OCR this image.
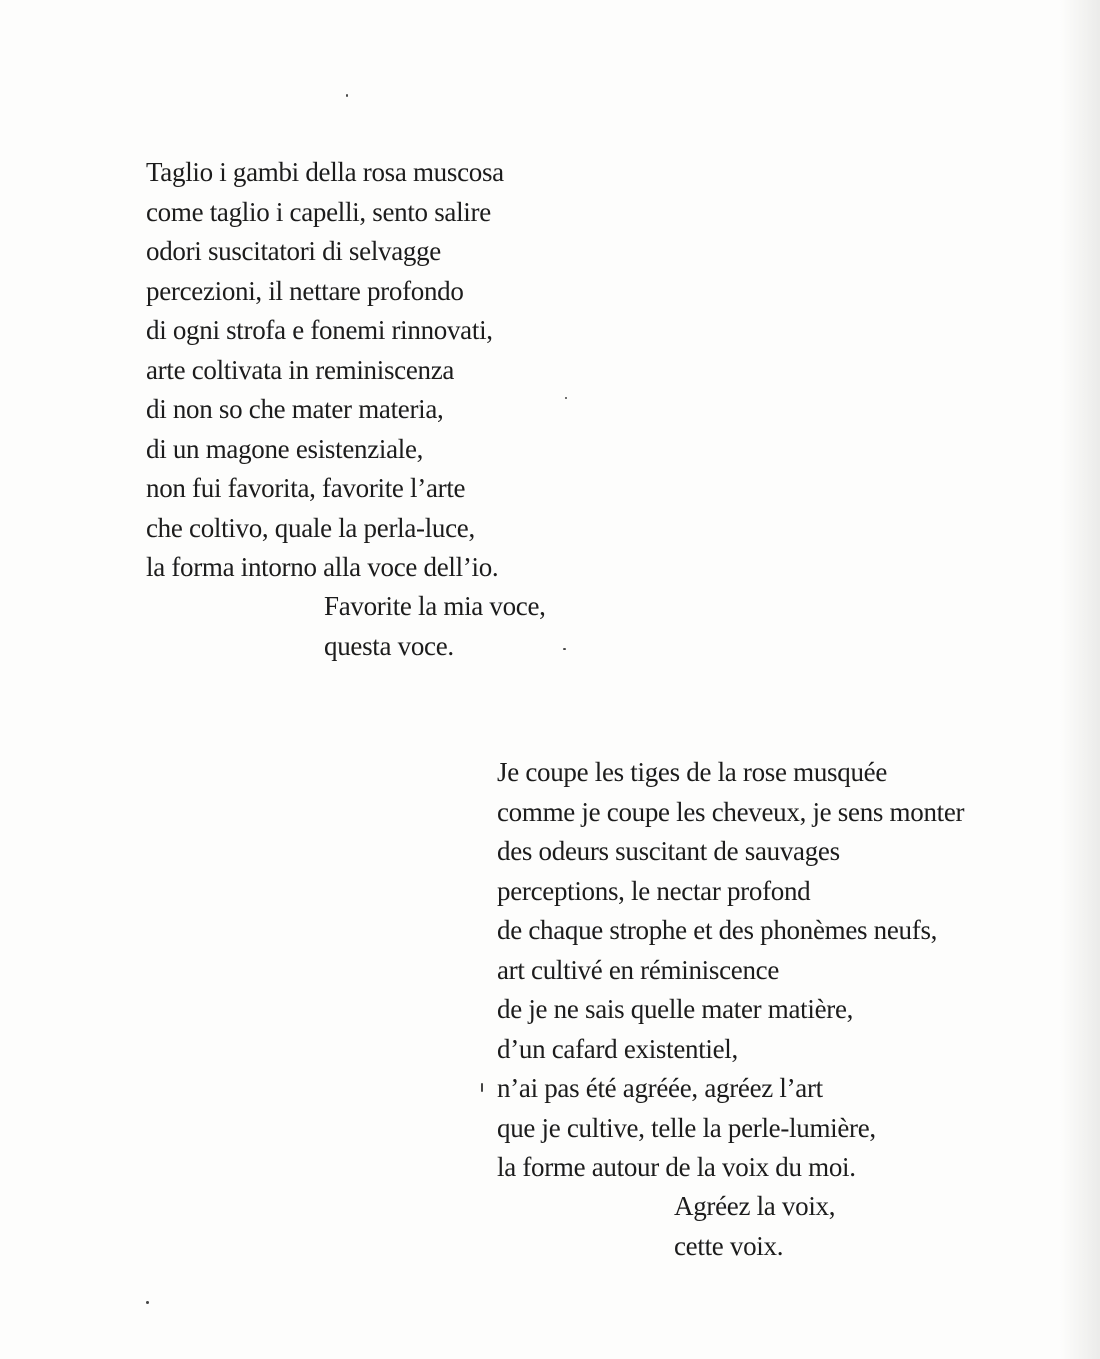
Taglio i gambi della rosa muscosa
come taglio i capelli, sento salire
odori suscitatori di selvagge
percezioni, il nettare profondo
di ogni strofa e fonemi rinnovati,
arte coltivata in reminiscenza
di non so che mater materia,
di un magone esistenziale,
non fui favorita, favorite l’arte
che coltivo, quale la perla-luce,
la forma intorno alla voce dell’io.
Favorite la mia voce,
questa voce.
Je coupe les tiges de la rose musquée
comme je coupe les cheveux, je sens monter
des odeurs suscitant de sauvages
perceptions, le nectar profond
de chaque strophe et des phonèmes neufs,
art cultivé en réminiscence
de je ne sais quelle mater matière,
d’un cafard existentiel,
n’ai pas été agréée, agréez l’art
que je cultive, telle la perle-lumière,
la forme autour de la voix du moi.
Agréez la voix,
cette voix.
